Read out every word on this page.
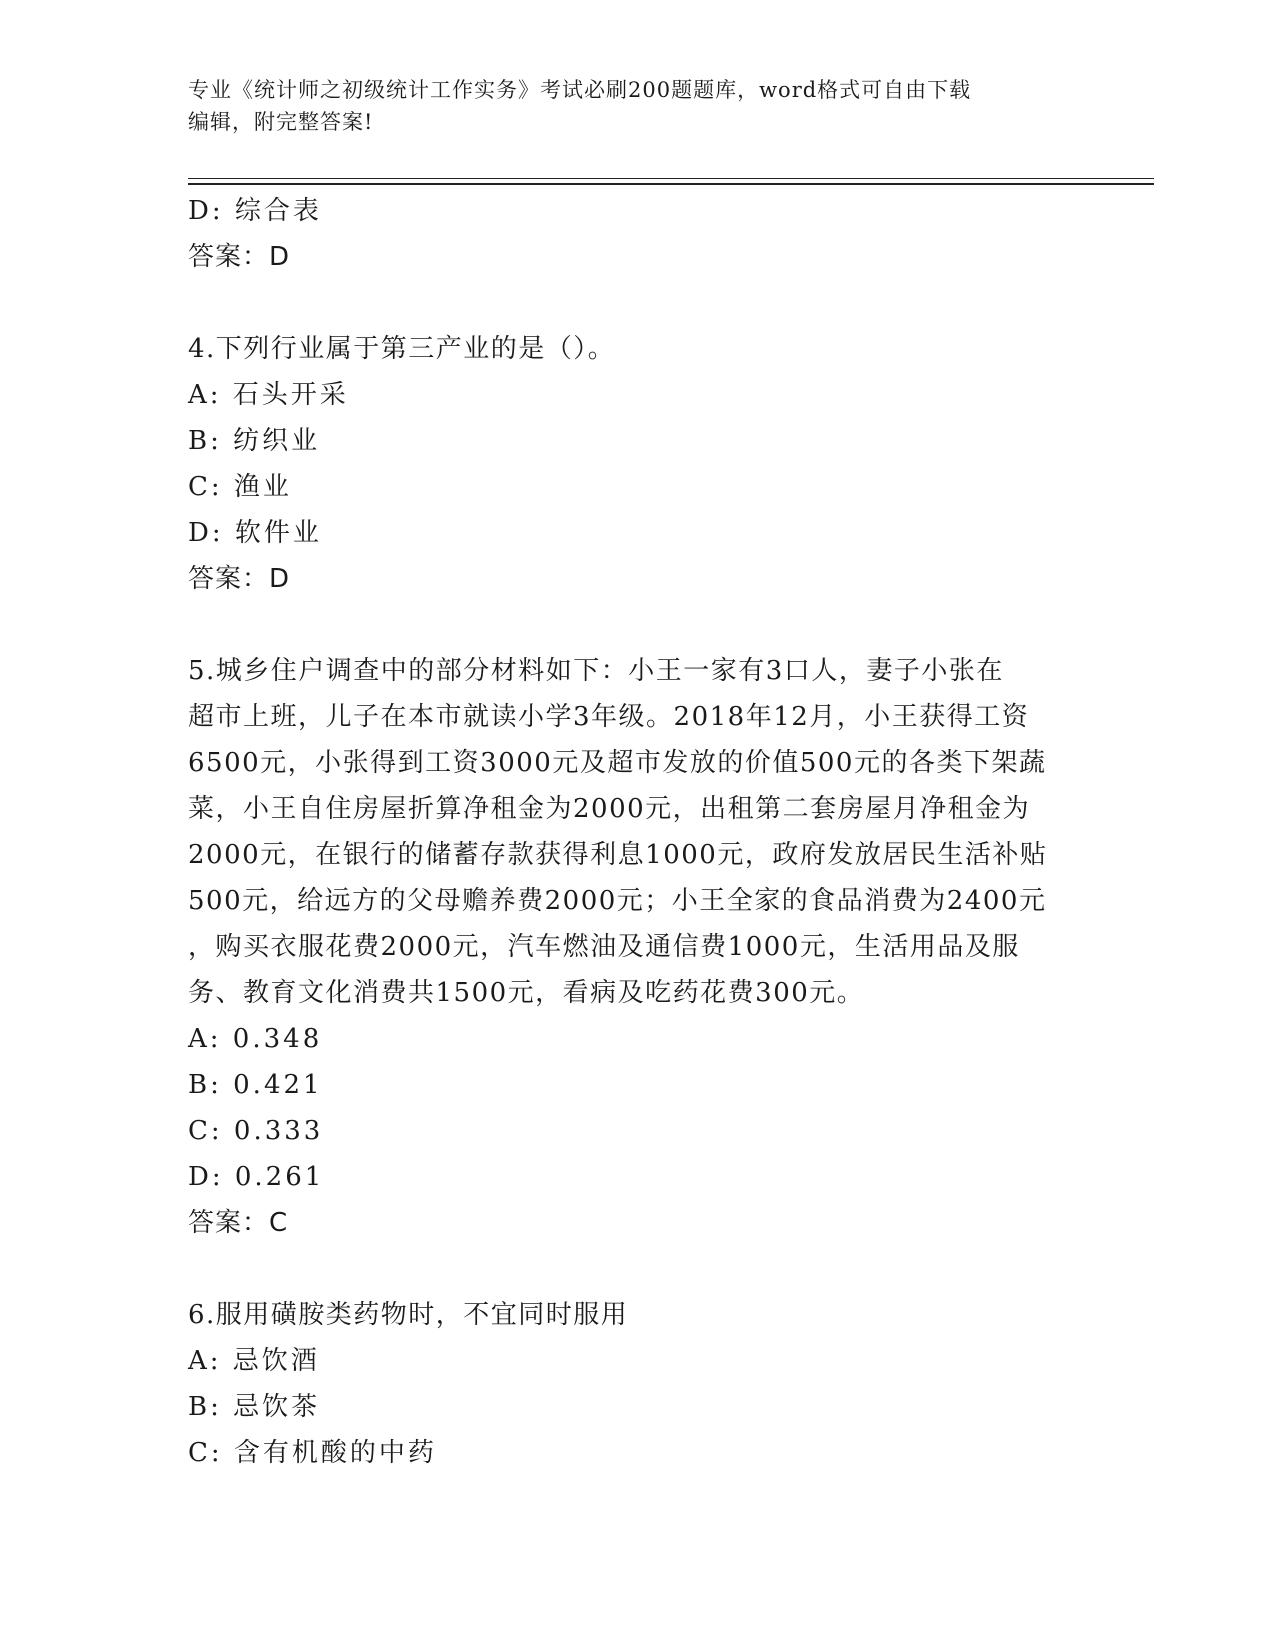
专业《统计师之初级统计工作实务》考试必刷200题题库，word格式可自由下载
编辑，附完整答案!
D: 综合表
答案：D
4.下列行业属于第三产业的是（）。
A: 石头开采
B: 纺织业
C: 渔业
D: 软件业
答案：D
5.城乡住户调查中的部分材料如下：小王一家有3口人，妻子小张在
超市上班，儿子在本市就读小学3年级。2018年12月，小王获得工资
6500元，小张得到工资3000元及超市发放的价值500元的各类下架蔬
菜，小王自住房屋折算净租金为2000元，出租第二套房屋月净租金为
2000元，在银行的储蓄存款获得利息1000元，政府发放居民生活补贴
500元，给远方的父母赡养费2000元；小王全家的食品消费为2400元
，购买衣服花费2000元，汽车燃油及通信费1000元，生活用品及服
务、教育文化消费共1500元，看病及吃药花费300元。
A: 0.348
B: 0.421
C: 0.333
D: 0.261
答案：C
6.服用磺胺类药物时，不宜同时服用
A: 忌饮酒
B: 忌饮茶
C: 含有机酸的中药
